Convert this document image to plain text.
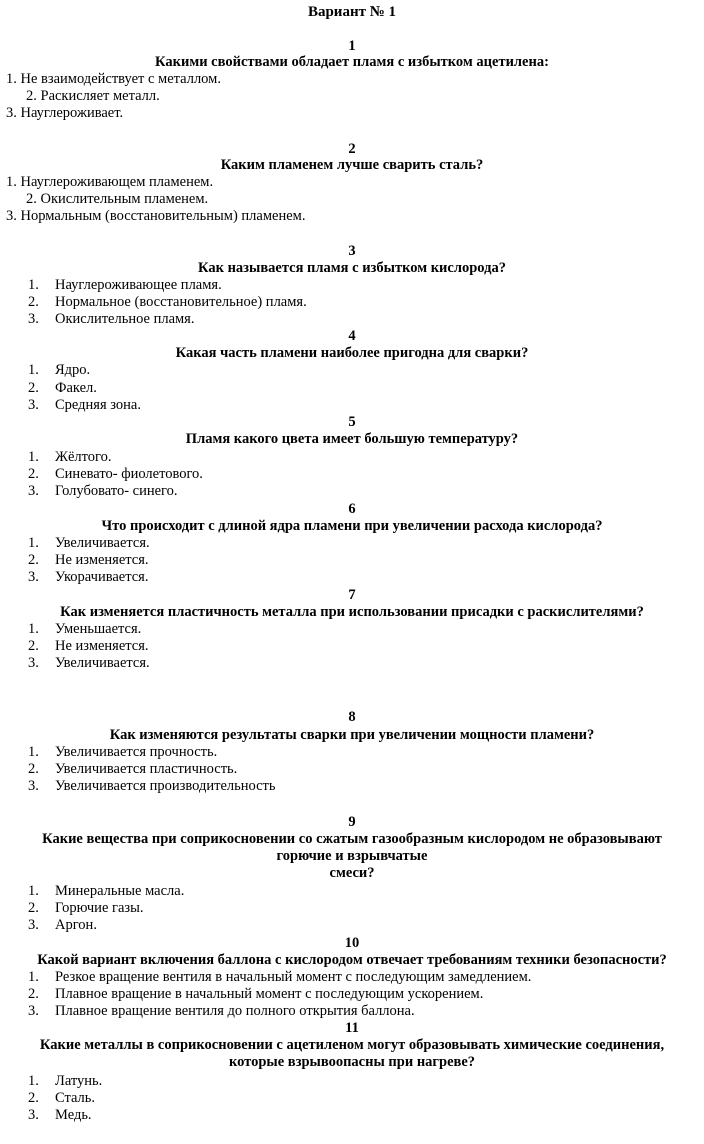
Вариант № 1
1
Какими свойствами обладает пламя с избытком ацетилена:
1. Не взаимодействует с металлом.
2. Раскисляет металл.
3. Науглероживает.
2
Каким пламенем лучше сварить сталь?
1. Науглероживающем пламенем.
2. Окислительным пламенем.
3. Нормальным (восстановительным) пламенем.
3
Как называется пламя с избытком кислорода?
1. Науглероживающее пламя.
2. Нормальное (восстановительное) пламя.
3. Окислительное пламя.
4
Какая часть пламени наиболее пригодна для сварки?
1. Ядро.
2. Факел.
3. Средняя зона.
5
Пламя какого цвета имеет большую температуру?
1. Жёлтого.
2. Синевато- фиолетового.
3. Голубовато- синего.
6
Что происходит с длиной ядра пламени при увеличении расхода кислорода?
1. Увеличивается.
2. Не изменяется.
3. Укорачивается.
7
Как изменяется пластичность металла при использовании присадки с раскислителями?
1. Уменьшается.
2. Не изменяется.
3. Увеличивается.
8
Как изменяются результаты сварки при увеличении мощности пламени?
1. Увеличивается прочность.
2. Увеличивается пластичность.
3. Увеличивается производительность
9
Какие вещества при соприкосновении со сжатым газообразным кислородом не образовывают
горючие и взрывчатые
смеси?
1. Минеральные масла.
2. Горючие газы.
3. Аргон.
10
Какой вариант включения баллона с кислородом отвечает требованиям техники безопасности?
1. Резкое вращение вентиля в начальный момент с последующим замедлением.
2. Плавное вращение в начальный момент с последующим ускорением.
3. Плавное вращение вентиля до полного открытия баллона.
11
Какие металлы в соприкосновении с ацетиленом могут образовывать химические соединения,
которые взрывоопасны при нагреве?
1. Латунь.
2. Сталь.
3. Медь.
